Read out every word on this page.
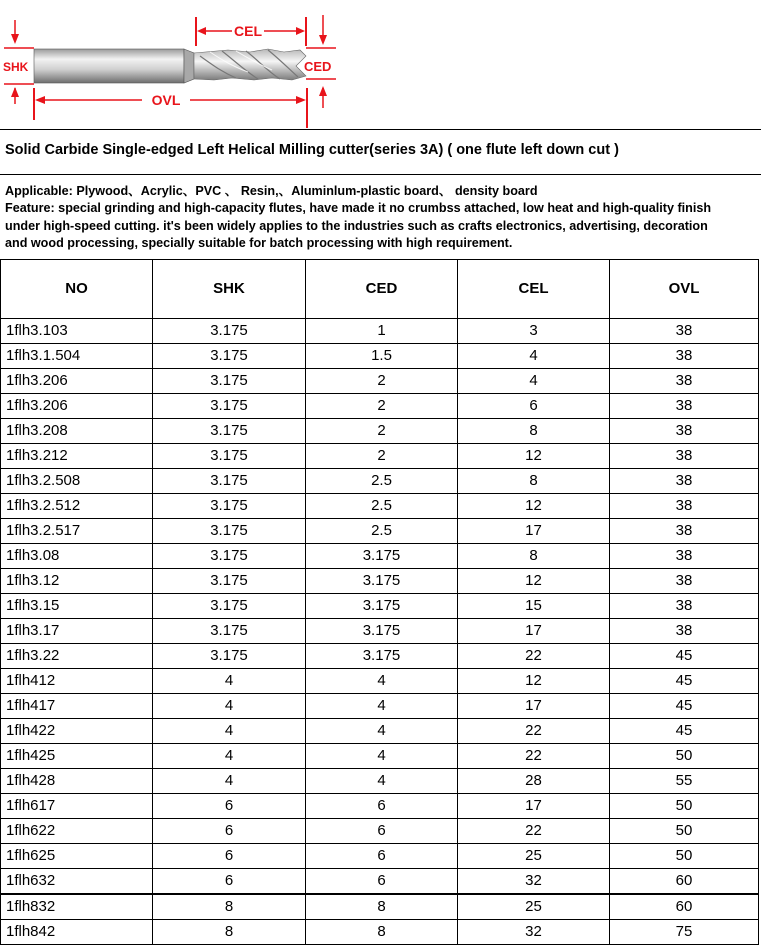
CEL
SHK	CED
OVL
Solid Carbide Single-edged Left Helical Milling cutter(series 3A) ( one flute left down cut )
Applicable: Plywood、Acrylic、PVC 、 Resin,、Aluminlum-plastic board、 density board
Feature: special grinding and high-capacity flutes, have made it no crumbss attached, low heat and high-quality finish
under high-speed cutting. it's been widely applies to the industries such as crafts electronics, advertising, decoration
and wood processing, specially suitable for batch processing with high requirement.
NO	SHK	CED	CEL	OVL
1flh3.103	3.175	1	3	38
1flh3.1.504	3.175	1.5	4	38
1flh3.206	3.175	2	4	38
1flh3.206	3.175	2	6	38
1flh3.208	3.175	2	8	38
1flh3.212	3.175	2	12	38
1flh3.2.508	3.175	2.5	8	38
1flh3.2.512	3.175	2.5	12	38
1flh3.2.517	3.175	2.5	17	38
1flh3.08	3.175	3.175	8	38
1flh3.12	3.175	3.175	12	38
1flh3.15	3.175	3.175	15	38
1flh3.17	3.175	3.175	17	38
1flh3.22	3.175	3.175	22	45
1flh412	4	4	12	45
1flh417	4	4	17	45
1flh422	4	4	22	45
1flh425	4	4	22	50
1flh428	4	4	28	55
1flh617	6	6	17	50
1flh622	6	6	22	50
1flh625	6	6	25	50
1flh632	6	6	32	60
1flh832	8	8	25	60
1flh842	8	8	32	75
